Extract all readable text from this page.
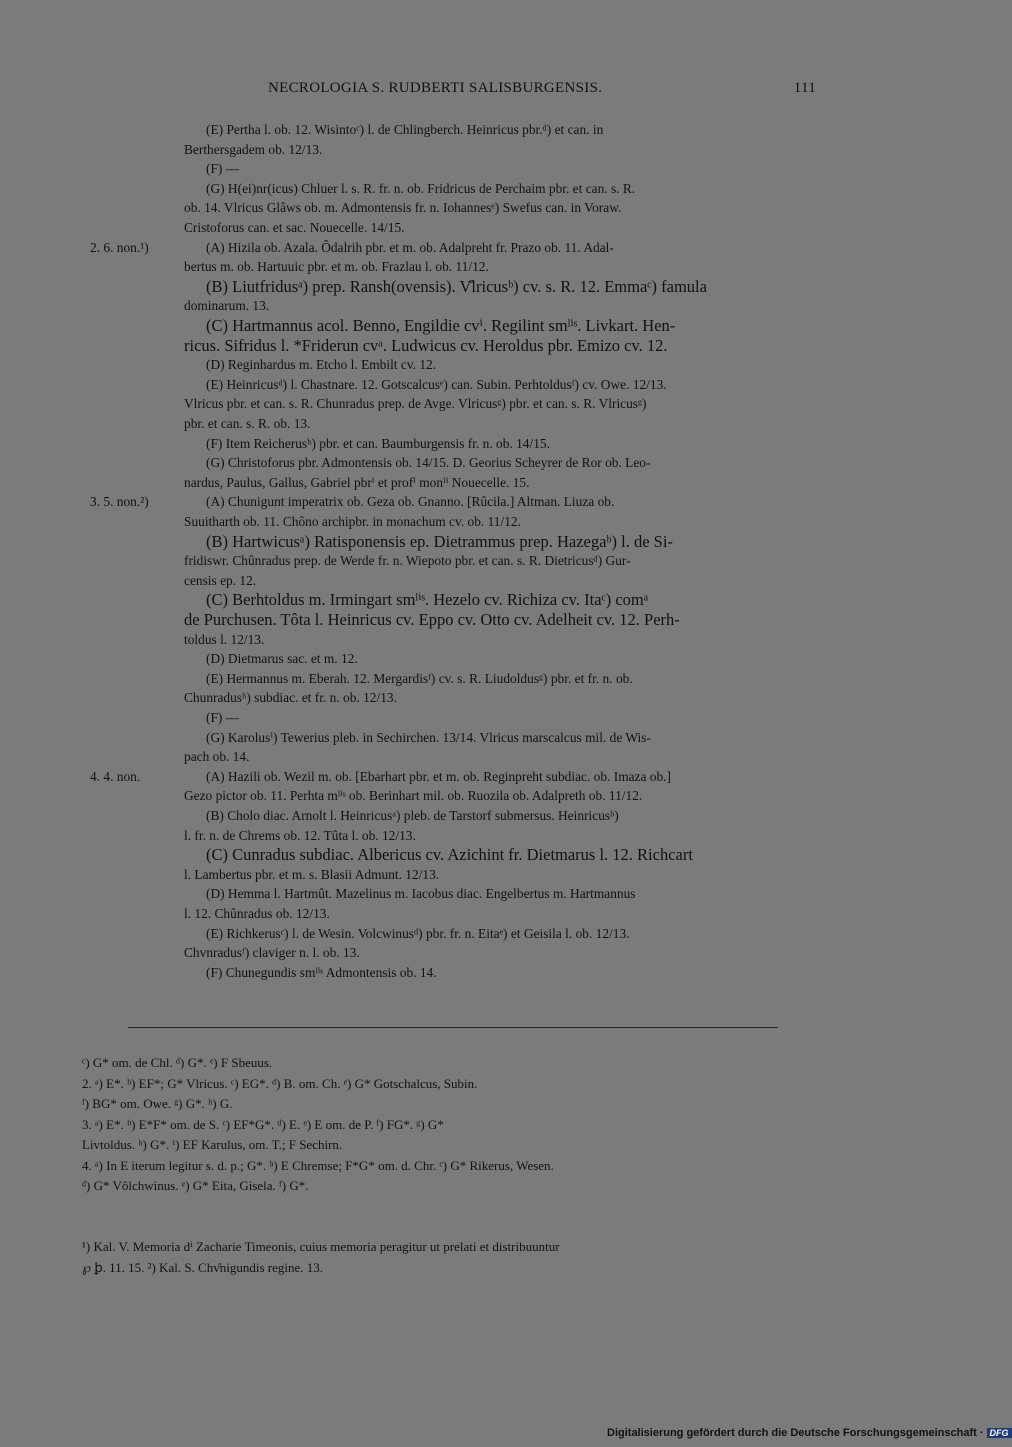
NECROLOGIA S. RUDBERTI SALISBURGENSIS.	111
(E) Pertha l. ob. 12. Wisintoᶜ) l. de Chlingberch. Heinricus pbr.ᵈ) et can. in
Berthersgadem ob. 12/13.
(F) —
(G) H(ei)nr(icus) Chluer l. s. R. fr. n. ob. Fridricus de Perchaim pbr. et can. s. R.
ob. 14. Vlricus Glâws ob. m. Admontensis fr. n. Iohannesᵉ) Swefus can. in Voraw.
Cristoforus can. et sac. Nouecelle. 14/15.
2. 6. non.¹)	(A) Hizila ob. Azala. Ôdalrih pbr. et m. ob. Adalpreht fr. Prazo ob. 11. Adal-
bertus m. ob. Hartuuic pbr. et m. ob. Frazlau l. ob. 11/12.
(B) Liutfridusᵃ) prep. Ransh(ovensis). V̊lricusᵇ) cv. s. R. 12. Emmaᶜ) famula
dominarum. 13.
(C) Hartmannus acol. Benno, Engildie cvⁱ. Regilint smˡⁱˢ. Livkart. Hen-
ricus. Sifridus l. *Friderun cvᵃ. Ludwicus cv. Heroldus pbr. Emizo cv. 12.
(D) Reginhardus m. Etcho l. Embilt cv. 12.
(E) Heinricusᵈ) l. Chastnare. 12. Gotscalcusᵉ) can. Subin. Perhtoldusᶠ) cv. Owe. 12/13.
Vlricus pbr. et can. s. R. Chunradus prep. de Avge. Vlricusᵍ) pbr. et can. s. R. Vlricusᵍ)
pbr. et can. s. R. ob. 13.
(F) Item Reicherusʰ) pbr. et can. Baumburgensis fr. n. ob. 14/15.
(G) Christoforus pbr. Admontensis ob. 14/15. D. Georius Scheyrer de Ror ob. Leo-
nardus, Paulus, Gallus, Gabriel pbrⁱ et profⁱ monⁱⁱ Nouecelle. 15.
3. 5. non.²)	(A) Chunigunt imperatrix ob. Geza ob. Gnanno. [Rûcila.] Altman. Liuza ob.
Suuitharth ob. 11. Chôno archipbr. in monachum cv. ob. 11/12.
(B) Hartwicusᵃ) Ratisponensis ep. Dietrammus prep. Hazegaᵇ) l. de Si-
fridiswr. Chûnradus prep. de Werde fr. n. Wiepoto pbr. et can. s. R. Dietricusᵈ) Gur-
censis ep. 12.
(C) Berhtoldus m. Irmingart smˡⁱˢ. Hezelo cv. Richiza cv. Itaᶜ) comᵃ
de Purchusen. Tôta l. Heinricus cv. Eppo cv. Otto cv. Adelheit cv. 12. Perh-
toldus l. 12/13.
(D) Dietmarus sac. et m. 12.
(E) Hermannus m. Eberah. 12. Mergardisᶠ) cv. s. R. Liudoldusᵍ) pbr. et fr. n. ob.
Chunradusʰ) subdiac. et fr. n. ob. 12/13.
(F) —
(G) Karolusⁱ) Tewerius pleb. in Sechirchen. 13/14. Vlricus marscalcus mil. de Wis-
pach ob. 14.
4. 4. non.	(A) Hazili ob. Wezil m. ob. [Ebarhart pbr. et m. ob. Reginpreht subdiac. ob. Imaza ob.]
Gezo pictor ob. 11. Perhta mˡⁱˢ ob. Berinhart mil. ob. Ruozila ob. Adalpreth ob. 11/12.
(B) Cholo diac. Arnolt l. Heinricusᵃ) pleb. de Tarstorf submersus. Heinricusᵇ)
l. fr. n. de Chrems ob. 12. Tûta l. ob. 12/13.
(C) Cunradus subdiac. Albericus cv. Azichint fr. Dietmarus l. 12. Richcart
l. Lambertus pbr. et m. s. Blasii Admunt. 12/13.
(D) Hemma l. Hartmût. Mazelinus m. Iacobus diac. Engelbertus m. Hartmannus
l. 12. Chûnradus ob. 12/13.
(E) Richkerusᶜ) l. de Wesin. Volcwinusᵈ) pbr. fr. n. Eitaᵉ) et Geisila l. ob. 12/13.
Chvnradusᶠ) claviger n. l. ob. 13.
(F) Chunegundis smˡⁱˢ Admontensis ob. 14.
ᶜ) G* om. de Chl. ᵈ) G*. ᵉ) F Sbeuus.
2. ᵃ) E*. ᵇ) EF*; G* Vlricus. ᶜ) EG*. ᵈ) B. om. Ch. ᵉ) G* Gotschalcus, Subin.
ᶠ) BG* om. Owe. ᵍ) G*. ʰ) G.
3. ᵃ) E*. ᵇ) E*F* om. de S. ᶜ) EF*G*. ᵈ) E. ᵉ) E om. de P. ᶠ) FG*. ᵍ) G*
Livtoldus. ʰ) G*. ⁱ) EF Karulus, om. T.; F Sechirn.
4. ᵃ) In E iterum legitur s. d. p.; G*. ᵇ) E Chremse; F*G* om. d. Chr. ᶜ) G* Rikerus, Wesen.
ᵈ) G* Vôlchwinus. ᵉ) G* Eita, Gisela. ᶠ) G*.
¹) Kal. V. Memoria dⁱ Zacharie Timeonis, cuius memoria peragitur ut prelati et distribuuntur
℘ ꝧ. 11. 15. ²) Kal. S. Chv̊nigundis regine. 13.
Digitalisierung gefördert durch die Deutsche Forschungsgemeinschaft · DFG
